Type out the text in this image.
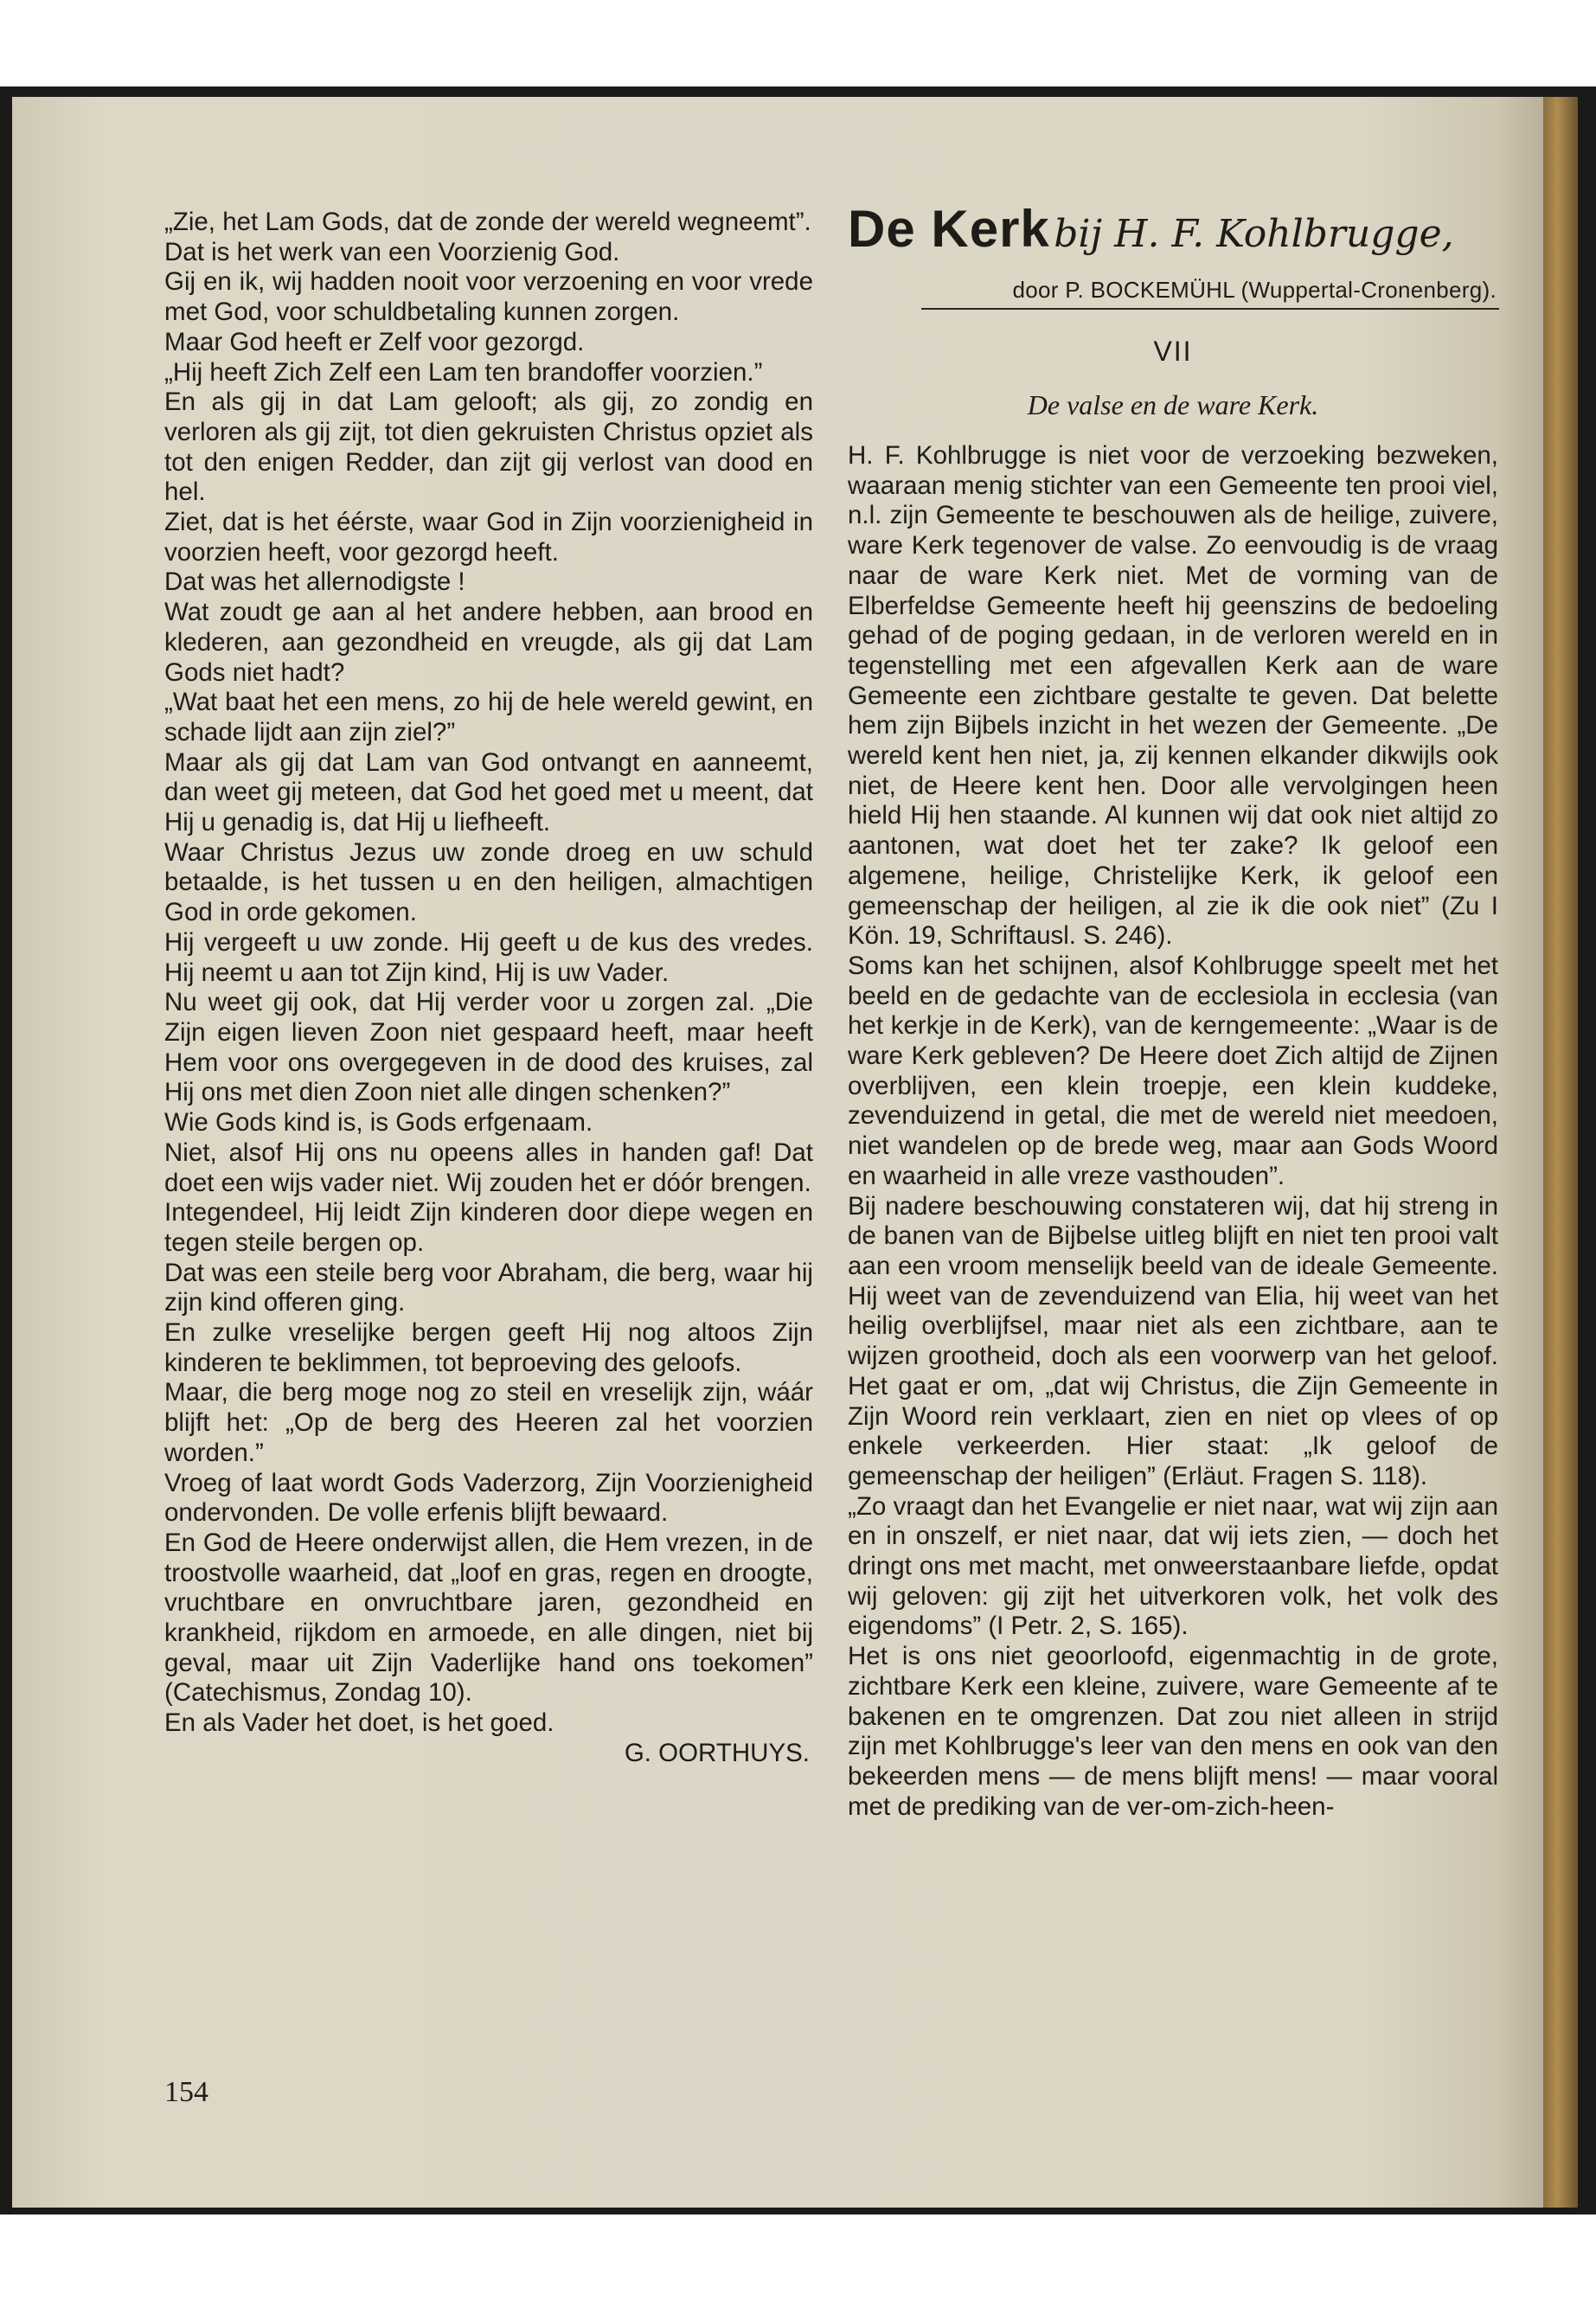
„Zie, het Lam Gods, dat de zonde der wereld wegneemt”.

Dat is het werk van een Voorzienig God.

Gij en ik, wij hadden nooit voor verzoening en voor vrede met God, voor schuldbetaling kunnen zorgen.

Maar God heeft er Zelf voor gezorgd.

„Hij heeft Zich Zelf een Lam ten brandoffer voorzien.”

En als gij in dat Lam gelooft; als gij, zo zondig en verloren als gij zijt, tot dien gekruisten Christus opziet als tot den enigen Redder, dan zijt gij verlost van dood en hel.

Ziet, dat is het éérste, waar God in Zijn voorzienigheid in voorzien heeft, voor gezorgd heeft.

Dat was het allernodigste !

Wat zoudt ge aan al het andere hebben, aan brood en klederen, aan gezondheid en vreugde, als gij dat Lam Gods niet hadt?

„Wat baat het een mens, zo hij de hele wereld gewint, en schade lijdt aan zijn ziel?”

Maar als gij dat Lam van God ontvangt en aanneemt, dan weet gij meteen, dat God het goed met u meent, dat Hij u genadig is, dat Hij u liefheeft.

Waar Christus Jezus uw zonde droeg en uw schuld betaalde, is het tussen u en den heiligen, almachtigen God in orde gekomen.

Hij vergeeft u uw zonde. Hij geeft u de kus des vredes. Hij neemt u aan tot Zijn kind, Hij is uw Vader.

Nu weet gij ook, dat Hij verder voor u zorgen zal. „Die Zijn eigen lieven Zoon niet gespaard heeft, maar heeft Hem voor ons overgegeven in de dood des kruises, zal Hij ons met dien Zoon niet alle dingen schenken?”

Wie Gods kind is, is Gods erfgenaam.

Niet, alsof Hij ons nu opeens alles in handen gaf! Dat doet een wijs vader niet. Wij zouden het er dóór brengen.

Integendeel, Hij leidt Zijn kinderen door diepe wegen en tegen steile bergen op.

Dat was een steile berg voor Abraham, die berg, waar hij zijn kind offeren ging.

En zulke vreselijke bergen geeft Hij nog altoos Zijn kinderen te beklimmen, tot beproeving des geloofs.

Maar, die berg moge nog zo steil en vreselijk zijn, wáár blijft het: „Op de berg des Heeren zal het voorzien worden.”

Vroeg of laat wordt Gods Vaderzorg, Zijn Voorzienigheid ondervonden. De volle erfenis blijft bewaard.

En God de Heere onderwijst allen, die Hem vrezen, in de troostvolle waarheid, dat „loof en gras, regen en droogte, vruchtbare en onvruchtbare jaren, gezondheid en krankheid, rijkdom en armoede, en alle dingen, niet bij geval, maar uit Zijn Vaderlijke hand ons toekomen” (Catechismus, Zondag 10).

En als Vader het doet, is het goed.

G. OORTHUYS.

154
De Kerk bij H. F. Kohlbrugge,
door P. BOCKEMÜHL (Wuppertal-Cronenberg).
VII
De valse en de ware Kerk.

H. F. Kohlbrugge is niet voor de verzoeking bezweken, waaraan menig stichter van een Gemeente ten prooi viel, n.l. zijn Gemeente te beschouwen als de heilige, zuivere, ware Kerk tegenover de valse. Zo eenvoudig is de vraag naar de ware Kerk niet. Met de vorming van de Elberfeldse Gemeente heeft hij geenszins de bedoeling gehad of de poging gedaan, in de verloren wereld en in tegenstelling met een afgevallen Kerk aan de ware Gemeente een zichtbare gestalte te geven. Dat belette hem zijn Bijbels inzicht in het wezen der Gemeente. „De wereld kent hen niet, ja, zij kennen elkander dikwijls ook niet, de Heere kent hen. Door alle vervolgingen heen hield Hij hen staande. Al kunnen wij dat ook niet altijd zo aantonen, wat doet het ter zake? Ik geloof een algemene, heilige, Christelijke Kerk, ik geloof een gemeenschap der heiligen, al zie ik die ook niet” (Zu I Kön. 19, Schriftausl. S. 246).

Soms kan het schijnen, alsof Kohlbrugge speelt met het beeld en de gedachte van de ecclesiola in ecclesia (van het kerkje in de Kerk), van de kerngemeente: „Waar is de ware Kerk gebleven? De Heere doet Zich altijd de Zijnen overblijven, een klein troepje, een klein kuddeke, zevenduizend in getal, die met de wereld niet meedoen, niet wandelen op de brede weg, maar aan Gods Woord en waarheid in alle vreze vasthouden”.

Bij nadere beschouwing constateren wij, dat hij streng in de banen van de Bijbelse uitleg blijft en niet ten prooi valt aan een vroom menselijk beeld van de ideale Gemeente. Hij weet van de zevenduizend van Elia, hij weet van het heilig overblijfsel, maar niet als een zichtbare, aan te wijzen grootheid, doch als een voorwerp van het geloof. Het gaat er om, „dat wij Christus, die Zijn Gemeente in Zijn Woord rein verklaart, zien en niet op vlees of op enkele verkeerden. Hier staat: „Ik geloof de gemeenschap der heiligen” (Erläut. Fragen S. 118).

„Zo vraagt dan het Evangelie er niet naar, wat wij zijn aan en in onszelf, er niet naar, dat wij iets zien, — doch het dringt ons met macht, met onweerstaanbare liefde, opdat wij geloven: gij zijt het uitverkoren volk, het volk des eigendoms” (I Petr. 2, S. 165).

Het is ons niet geoorloofd, eigenmachtig in de grote, zichtbare Kerk een kleine, zuivere, ware Gemeente af te bakenen en te omgrenzen. Dat zou niet alleen in strijd zijn met Kohlbrugge's leer van den mens en ook van den bekeerden mens — de mens blijft mens! — maar vooral met de prediking van de ver-om-zich-heen-
